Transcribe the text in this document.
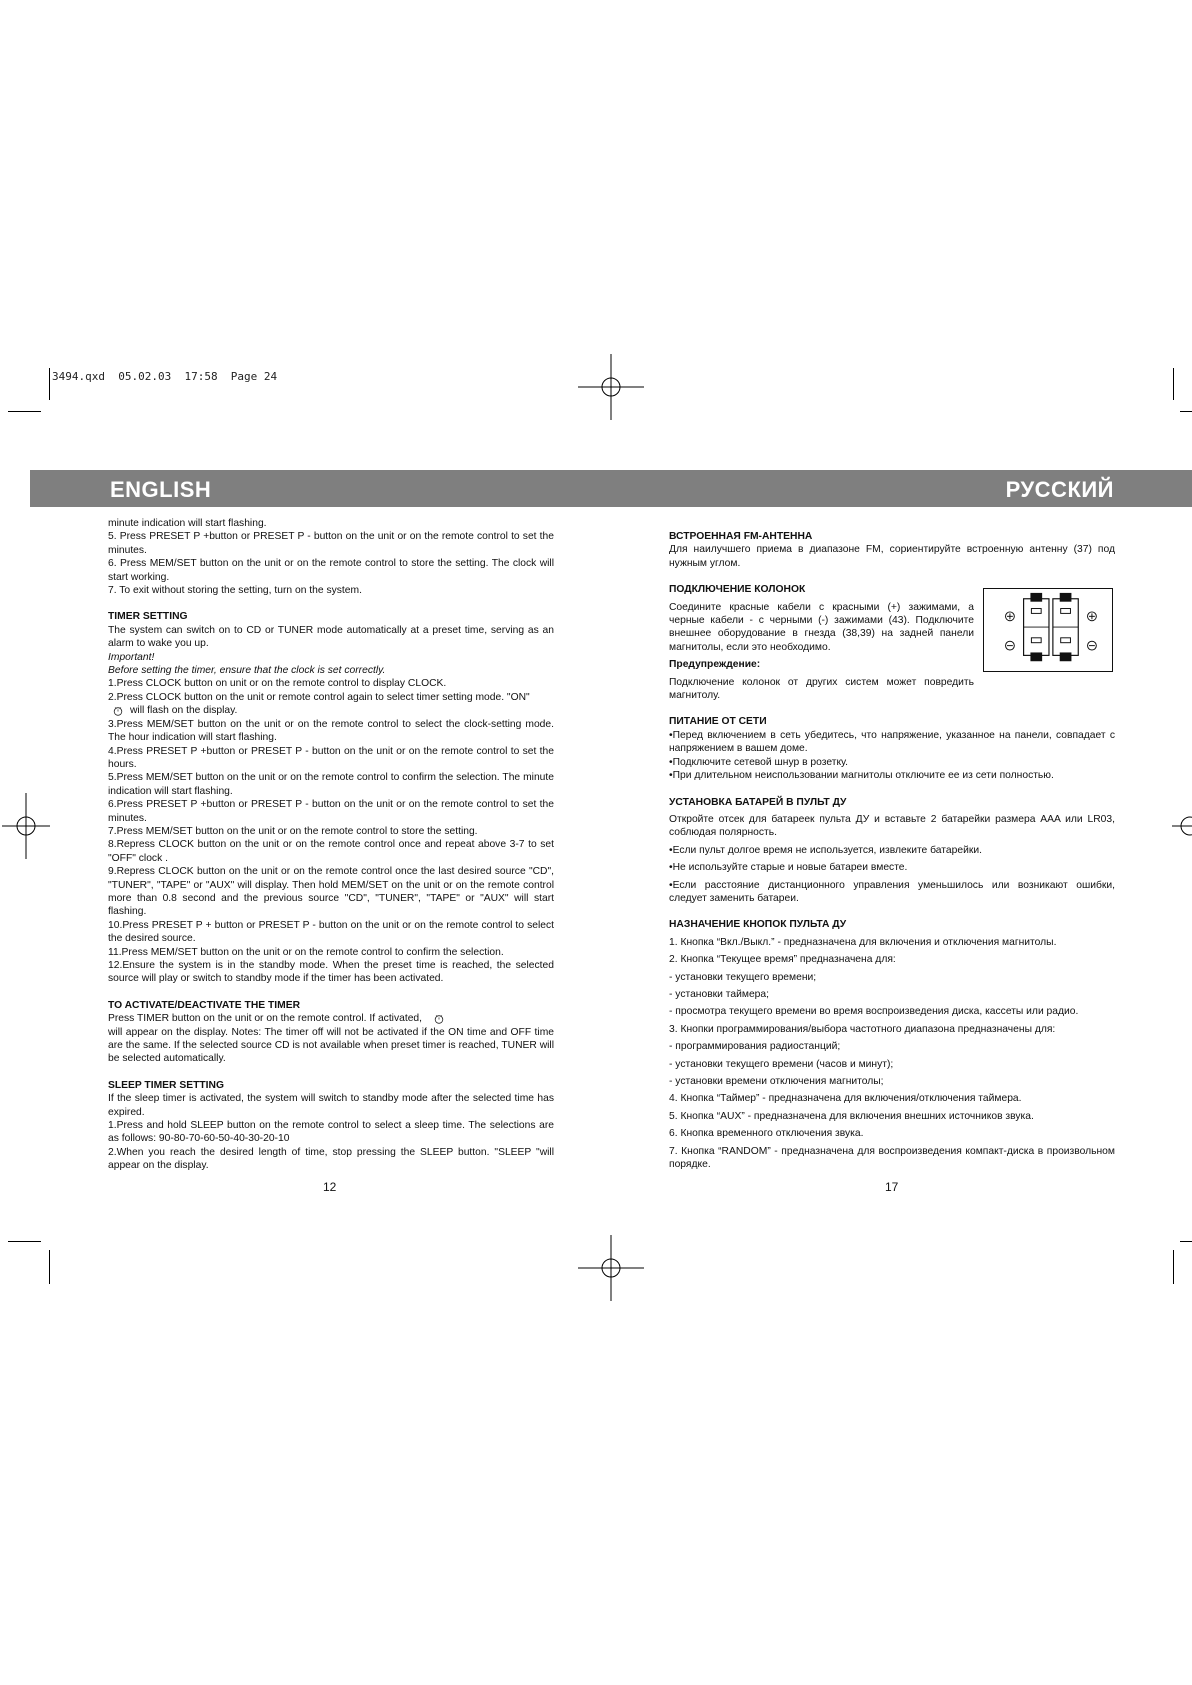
3494.qxd  05.02.03  17:58  Page 24
ENGLISH	РУССКИЙ

minute indication will start flashing.

5. Press PRESET P +button or PRESET P - button on the unit or on the remote control to set the minutes.

6. Press MEM/SET button on the unit or on the remote control to store the setting. The clock will start working.

7. To exit without storing the setting, turn on the system.

TIMER SETTING

The system can switch on to CD or TUNER mode automatically at a preset time, serving as an alarm to wake you up.

Important!

Before setting the timer, ensure that the clock is set correctly.

1.Press CLOCK button on unit or on the remote control to display CLOCK.

2.Press CLOCK button on the unit or remote control again to select timer setting mode. "ON"

will flash on the display.

3.Press MEM/SET button on the unit or on the remote control to select the clock-setting mode. The hour indication will start flashing.

4.Press PRESET P +button or PRESET P - button on the unit or on the remote control to set the hours.

5.Press MEM/SET button on the unit or on the remote control to confirm the selection. The minute indication will start flashing.

6.Press PRESET P +button or PRESET P - button on the unit or on the remote control to set the minutes.

7.Press MEM/SET button on the unit or on the remote control to store the setting.

8.Repress CLOCK button on the unit or on the remote control once and repeat above 3-7 to set "OFF" clock .

9.Repress CLOCK button on the unit or on the remote control once the last desired source "CD", "TUNER", "TAPE" or "AUX" will display. Then hold MEM/SET on the unit or on the remote control more than 0.8 second and the previous source "CD", "TUNER", "TAPE" or "AUX" will start flashing.

10.Press PRESET P + button or PRESET P - button on the unit or on the remote control to select the desired source.

11.Press MEM/SET button on the unit or on the remote control to confirm the selection.

12.Ensure the system is in the standby mode. When the preset time is reached, the selected source will play or switch to standby mode if the timer has been activated.

TO ACTIVATE/DEACTIVATE THE TIMER

Press TIMER button on the unit or on the remote control. If activated,

will appear on the display. Notes: The timer off will not be activated if the ON time and OFF time are the same. If the selected source CD is not available when preset timer is reached, TUNER will be selected automatically.

SLEEP TIMER SETTING

If the sleep timer is activated, the system will switch to standby mode after the selected time has expired.

1.Press and hold SLEEP button on the remote control to select a sleep time. The selections are as follows: 90-80-70-60-50-40-30-20-10

2.When you reach the desired length of time, stop pressing the SLEEP button. "SLEEP "will appear on the display.

12

ВСТРОЕННАЯ FM-АНТЕННА

Для наилучшего приема в диапазоне FM, сориентируйте встроенную антенну (37) под нужным углом.

ПОДКЛЮЧЕНИЕ КОЛОНОК

Соедините красные кабели с красными (+) зажимами, а черные кабели - с черными (-) зажимами (43). Подключите внешнее оборудование в гнезда (38,39) на задней панели магнитолы, если это необходимо.

Предупреждение:

Подключение колонок от других систем может повредить магнитолу.

ПИТАНИЕ ОТ СЕТИ

•Перед включением в сеть убедитесь, что напряжение, указанное на панели, совпадает с напряжением в вашем доме.

•Подключите сетевой шнур в розетку.

•При длительном неиспользовании магнитолы отключите ее из сети полностью.

УСТАНОВКА БАТАРЕЙ В ПУЛЬТ ДУ

Откройте отсек для батареек пульта ДУ и вставьте 2 батарейки размера AAA или LR03, соблюдая полярность.

•Если пульт долгое время не используется, извлеките батарейки.

•Не используйте старые и новые батареи вместе.

•Если расстояние дистанционного управления уменьшилось или возникают ошибки, следует заменить батареи.

НАЗНАЧЕНИЕ КНОПОК ПУЛЬТА ДУ

1. Кнопка “Вкл./Выкл.” - предназначена для включения и отключения магнитолы.

2. Кнопка “Текущее время” предназначена для:

- установки текущего времени;

- установки таймера;

- просмотра текущего времени во время воспроизведения диска, кассеты или радио.

3. Кнопки программирования/выбора частотного диапазона предназначены для:

- программирования радиостанций;

- установки текущего времени (часов и минут);

- установки времени отключения магнитолы;

4. Кнопка “Таймер” - предназначена для включения/отключения таймера.

5. Кнопка “AUX” - предназначена для включения внешних источников звука.

6. Кнопка временного отключения звука.

7. Кнопка “RANDOM” - предназначена для воспроизведения компакт-диска в произвольном порядке.

17
